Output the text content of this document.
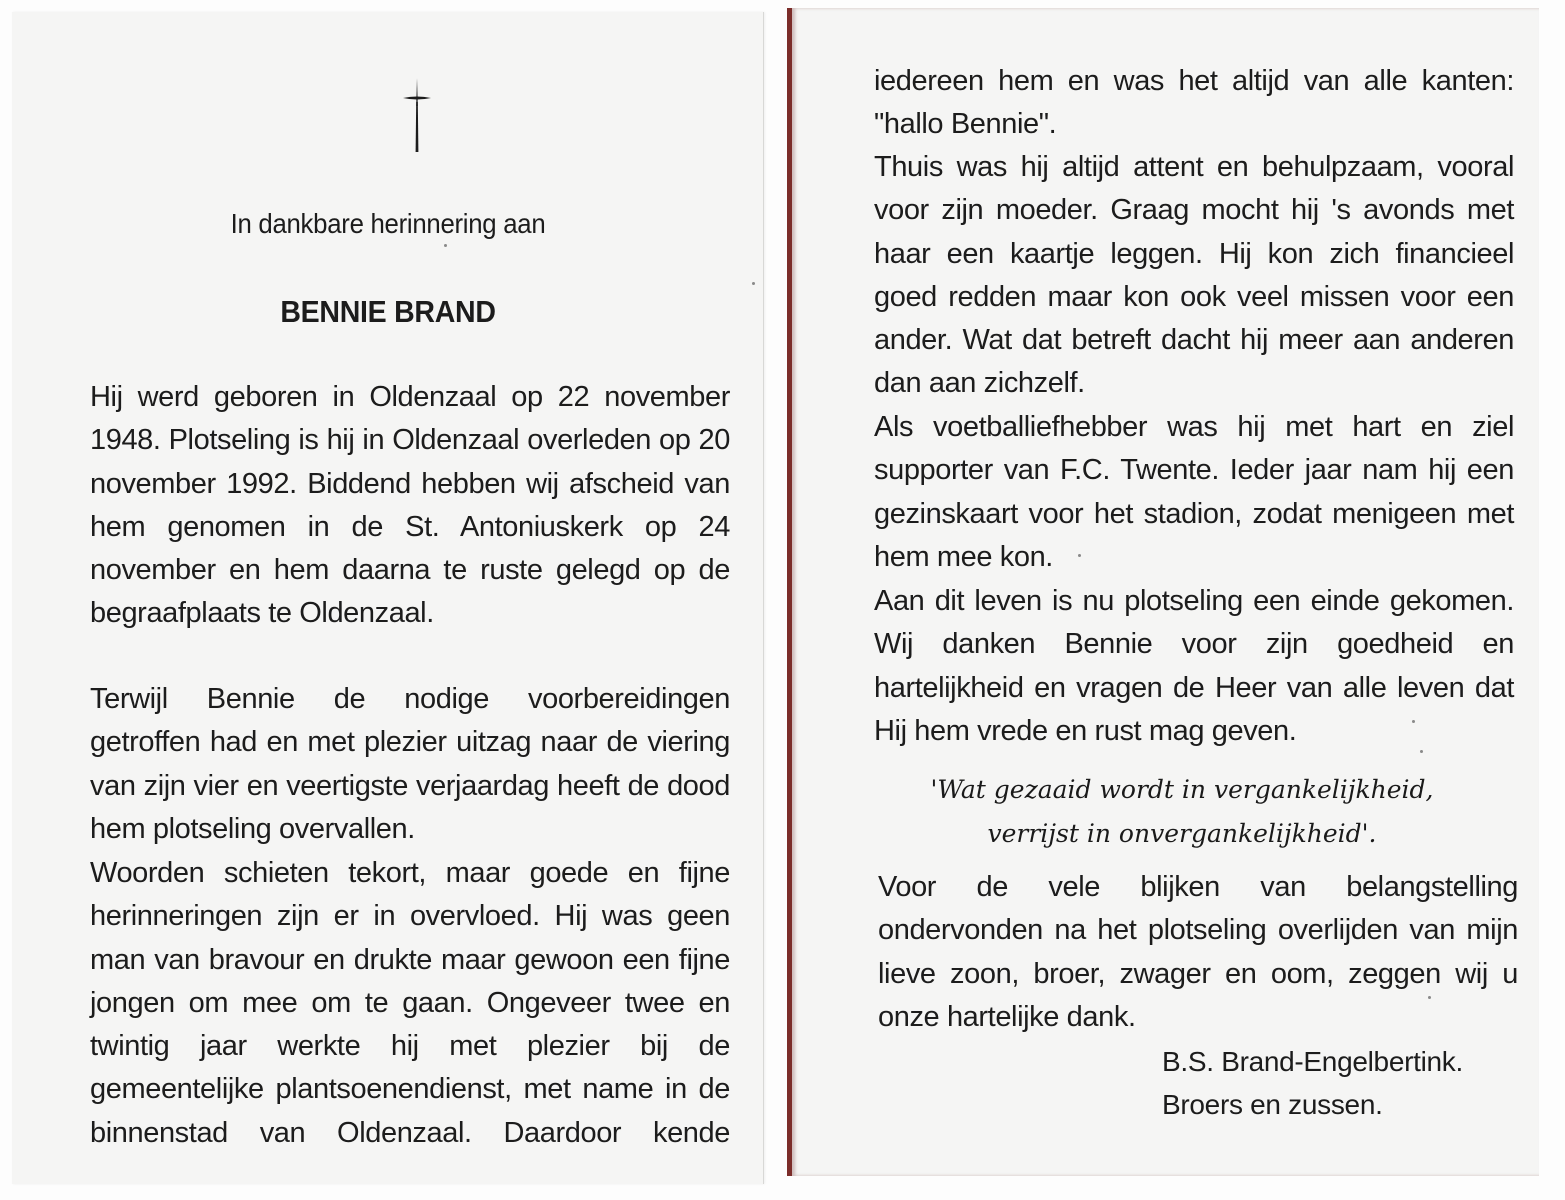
In dankbare herinnering aan
BENNIE BRAND
Hij werd geboren in Oldenzaal op 22 november
1948. Plotseling is hij in Oldenzaal overleden op 20
november 1992. Biddend hebben wij afscheid van
hem genomen in de St. Antoniuskerk op 24
november en hem daarna te ruste gelegd op de
begraafplaats te Oldenzaal.
Terwijl Bennie de nodige voorbereidingen
getroffen had en met plezier uitzag naar de viering
van zijn vier en veertigste verjaardag heeft de dood
hem plotseling overvallen.
Woorden schieten tekort, maar goede en fijne
herinneringen zijn er in overvloed. Hij was geen
man van bravour en drukte maar gewoon een fijne
jongen om mee om te gaan. Ongeveer twee en
twintig jaar werkte hij met plezier bij de
gemeentelijke plantsoenendienst, met name in de
binnenstad van Oldenzaal. Daardoor kende
iedereen hem en was het altijd van alle kanten:
"hallo Bennie".
Thuis was hij altijd attent en behulpzaam, vooral
voor zijn moeder. Graag mocht hij 's avonds met
haar een kaartje leggen. Hij kon zich financieel
goed redden maar kon ook veel missen voor een
ander. Wat dat betreft dacht hij meer aan anderen
dan aan zichzelf.
Als voetballiefhebber was hij met hart en ziel
supporter van F.C. Twente. Ieder jaar nam hij een
gezinskaart voor het stadion, zodat menigeen met
hem mee kon.
Aan dit leven is nu plotseling een einde gekomen.
Wij danken Bennie voor zijn goedheid en
hartelijkheid en vragen de Heer van alle leven dat
Hij hem vrede en rust mag geven.
'Wat gezaaid wordt in vergankelijkheid,
verrijst in onvergankelijkheid'.
Voor de vele blijken van belangstelling
ondervonden na het plotseling overlijden van mijn
lieve zoon, broer, zwager en oom, zeggen wij u
onze hartelijke dank.
B.S. Brand-Engelbertink.
Broers en zussen.
